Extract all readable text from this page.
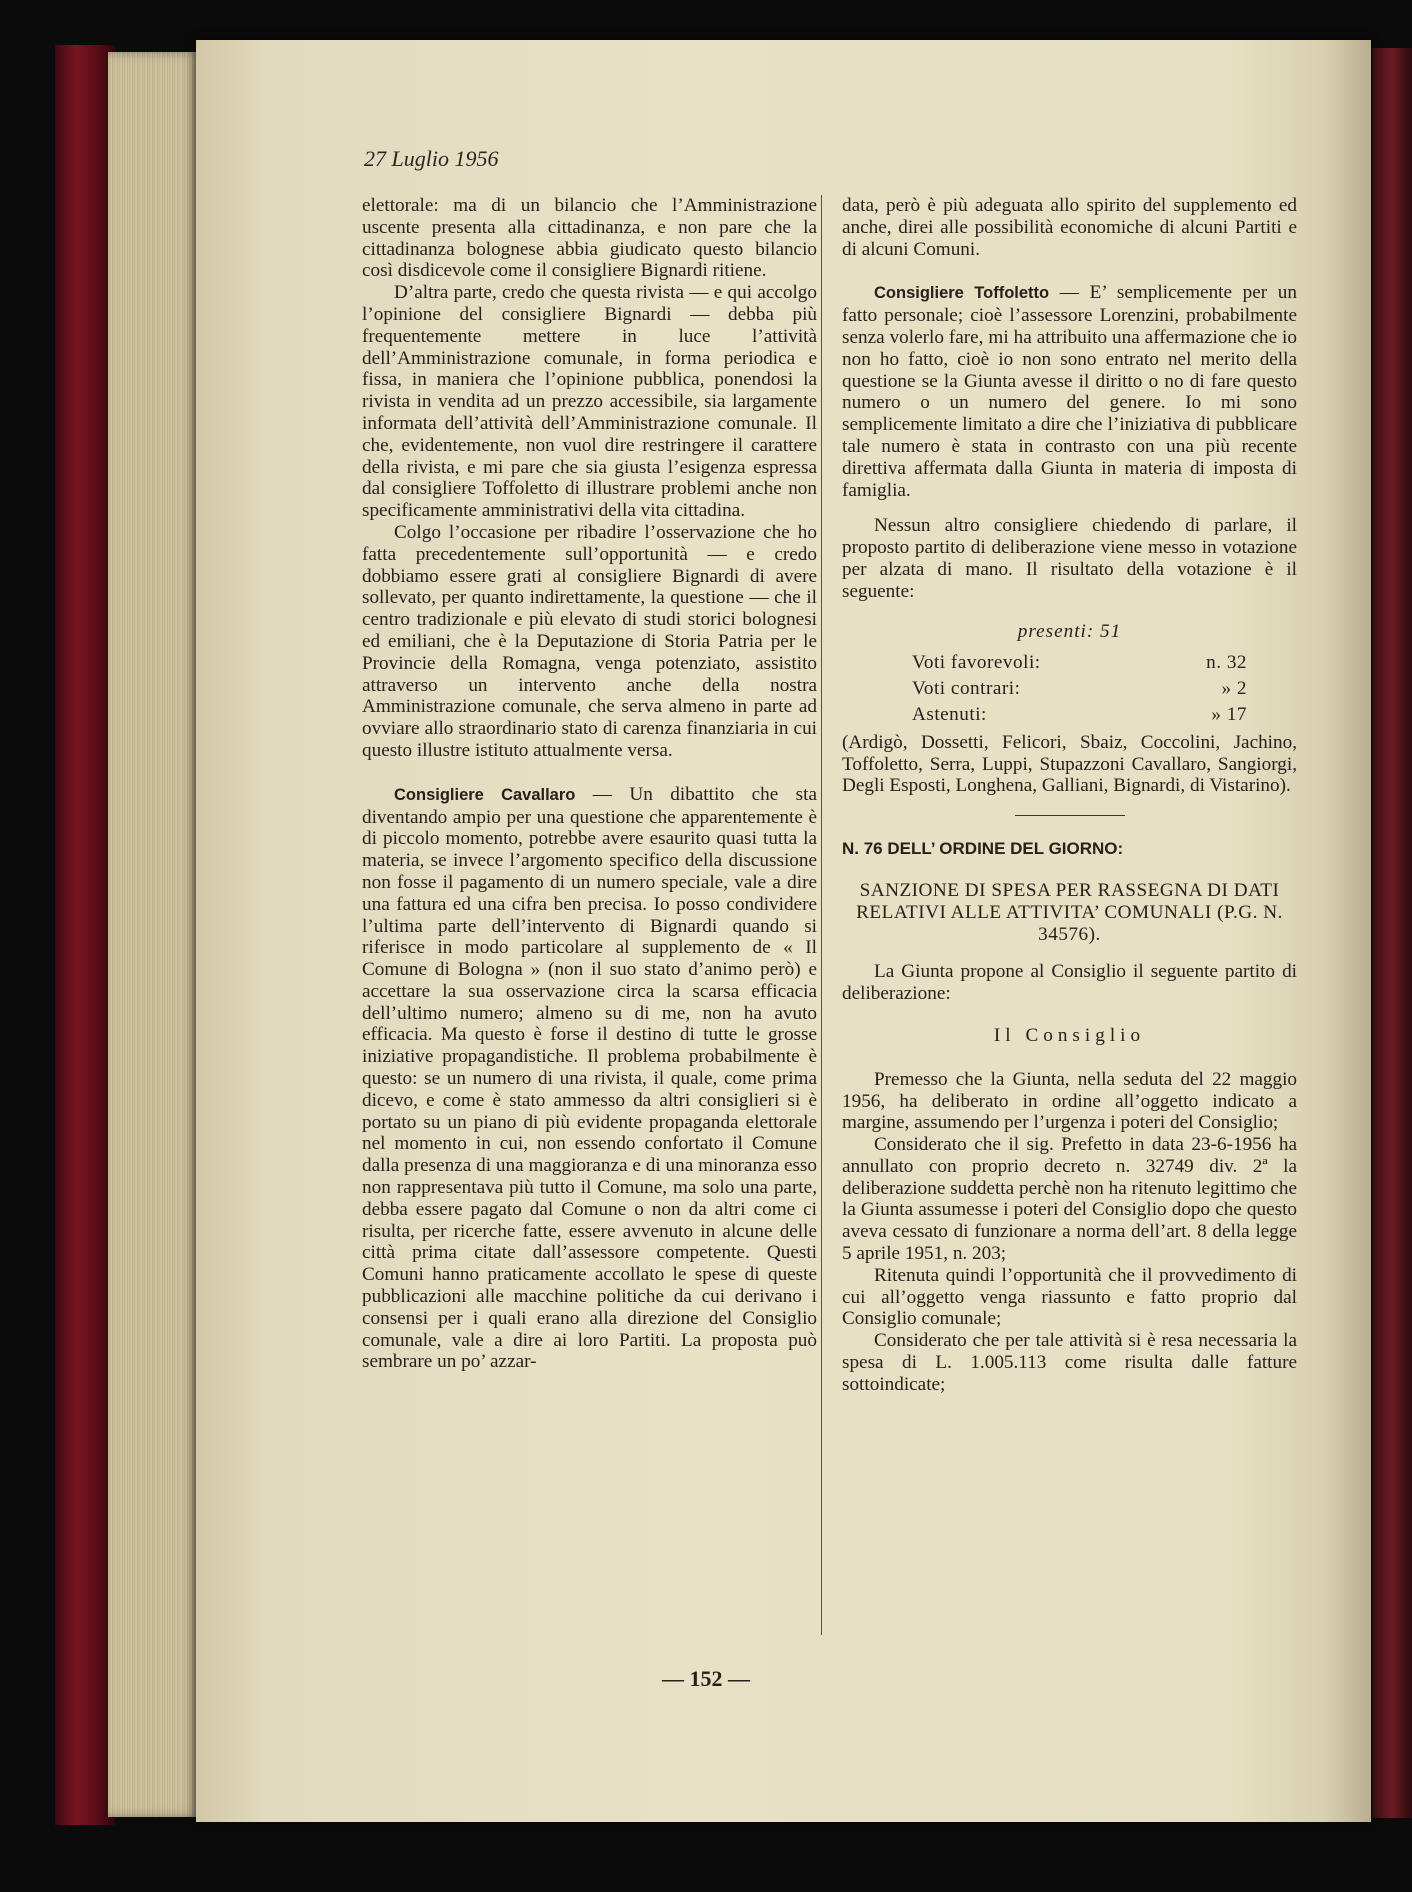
27 Luglio 1956

elettorale: ma di un bilancio che l’Amministrazione uscente presenta alla cittadinanza, e non pare che la cittadinanza bolognese abbia giudicato questo bilancio così disdicevole come il consigliere Bignardi ritiene.

D’altra parte, credo che questa rivista — e qui accolgo l’opinione del consigliere Bignardi — debba più frequentemente mettere in luce l’attività dell’Amministrazione comunale, in forma periodica e fissa, in maniera che l’opinione pubblica, ponendosi la rivista in vendita ad un prezzo accessibile, sia largamente informata dell’attività dell’Amministrazione comunale. Il che, evidentemente, non vuol dire restringere il carattere della rivista, e mi pare che sia giusta l’esigenza espressa dal consigliere Toffoletto di illustrare problemi anche non specificamente amministrativi della vita cittadina.

Colgo l’occasione per ribadire l’osservazione che ho fatta precedentemente sull’opportunità — e credo dobbiamo essere grati al consigliere Bignardi di avere sollevato, per quanto indirettamente, la questione — che il centro tradizionale e più elevato di studi storici bolognesi ed emiliani, che è la Deputazione di Storia Patria per le Provincie della Romagna, venga potenziato, assistito attraverso un intervento anche della nostra Amministrazione comunale, che serva almeno in parte ad ovviare allo straordinario stato di carenza finanziaria in cui questo illustre istituto attualmente versa.

Consigliere Cavallaro — Un dibattito che sta diventando ampio per una questione che apparentemente è di piccolo momento, potrebbe avere esaurito quasi tutta la materia, se invece l’argomento specifico della discussione non fosse il pagamento di un numero speciale, vale a dire una fattura ed una cifra ben precisa. Io posso condividere l’ultima parte dell’intervento di Bignardi quando si riferisce in modo particolare al supplemento de « Il Comune di Bologna » (non il suo stato d’animo però) e accettare la sua osservazione circa la scarsa efficacia dell’ultimo numero; almeno su di me, non ha avuto efficacia. Ma questo è forse il destino di tutte le grosse iniziative propagandistiche. Il problema probabilmente è questo: se un numero di una rivista, il quale, come prima dicevo, e come è stato ammesso da altri consiglieri si è portato su un piano di più evidente propaganda elettorale nel momento in cui, non essendo confortato il Comune dalla presenza di una maggioranza e di una minoranza esso non rappresentava più tutto il Comune, ma solo una parte, debba essere pagato dal Comune o non da altri come ci risulta, per ricerche fatte, essere avvenuto in alcune delle città prima citate dall’assessore competente. Questi Comuni hanno praticamente accollato le spese di queste pubblicazioni alle macchine politiche da cui derivano i consensi per i quali erano alla direzione del Consiglio comunale, vale a dire ai loro Partiti. La proposta può sembrare un po’ azzar-

data, però è più adeguata allo spirito del supplemento ed anche, direi alle possibilità economiche di alcuni Partiti e di alcuni Comuni.

Consigliere Toffoletto — E’ semplicemente per un fatto personale; cioè l’assessore Lorenzini, probabilmente senza volerlo fare, mi ha attribuito una affermazione che io non ho fatto, cioè io non sono entrato nel merito della questione se la Giunta avesse il diritto o no di fare questo numero o un numero del genere. Io mi sono semplicemente limitato a dire che l’iniziativa di pubblicare tale numero è stata in contrasto con una più recente direttiva affermata dalla Giunta in materia di imposta di famiglia.

Nessun altro consigliere chiedendo di parlare, il proposto partito di deliberazione viene messo in votazione per alzata di mano. Il risultato della votazione è il seguente:

presenti: 51
Voti favorevoli:	n. 32
Voti contrari:	» 2
Astenuti:	» 17

(Ardigò, Dossetti, Felicori, Sbaiz, Coccolini, Jachino, Toffoletto, Serra, Luppi, Stupazzoni Cavallaro, Sangiorgi, Degli Esposti, Longhena, Galliani, Bignardi, di Vistarino).

N. 76 DELL’ ORDINE DEL GIORNO:
SANZIONE DI SPESA PER RASSEGNA DI DATI RELATIVI ALLE ATTIVITA’ COMUNALI (P.G. N. 34576).

La Giunta propone al Consiglio il seguente partito di deliberazione:

Il Consiglio

Premesso che la Giunta, nella seduta del 22 maggio 1956, ha deliberato in ordine all’oggetto indicato a margine, assumendo per l’urgenza i poteri del Consiglio;

Considerato che il sig. Prefetto in data 23-6-1956 ha annullato con proprio decreto n. 32749 div. 2ª la deliberazione suddetta perchè non ha ritenuto legittimo che la Giunta assumesse i poteri del Consiglio dopo che questo aveva cessato di funzionare a norma dell’art. 8 della legge 5 aprile 1951, n. 203;

Ritenuta quindi l’opportunità che il provvedimento di cui all’oggetto venga riassunto e fatto proprio dal Consiglio comunale;

Considerato che per tale attività si è resa necessaria la spesa di L. 1.005.113 come risulta dalle fatture sottoindicate;

— 152 —
